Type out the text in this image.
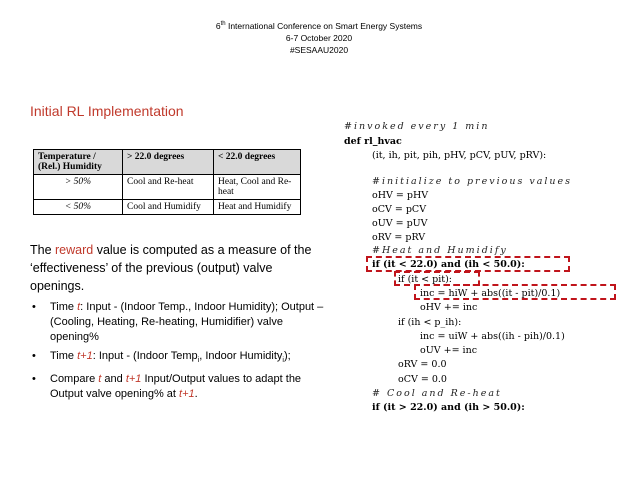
6th International Conference on Smart Energy Systems
6-7 October 2020
#SESAAU2020
Initial RL Implementation
Temperature / (Rel.) Humidity	> 22.0 degrees	< 22.0 degrees
> 50%	Cool and Re-heat	Heat, Cool and Re-heat
< 50%	Cool and Humidify	Heat and Humidify
The reward value is computed as a measure of the ‘effectiveness’ of the previous (output) valve openings.
• Time t: Input - (Indoor Temp., Indoor Humidity); Output – (Cooling, Heating, Re-heating, Humidifier) valve opening%
• Time t+1: Input - (Indoor Temp$_i$, Indoor Humidity$_i$);
• Compare t and t+1 Input/Output values to adapt the Output valve opening% at t+1.
#invoked every 1 min
def rl_hvac
(it, ih, pit, pih, pHV, pCV, pUV, pRV):
#initialize to previous values
oHV = pHV
oCV = pCV
oUV = pUV
oRV = pRV
#Heat and Humidify
if (it < 22.0) and (ih < 50.0):
if (it < pit):
inc = hiW + abs((it - pit)/0.1)
oHV += inc
if (ih < p_ih):
inc = uiW + abs((ih - pih)/0.1)
oUV += inc
oRV = 0.0
oCV = 0.0
# Cool and Re-heat
if (it > 22.0) and (ih > 50.0):
